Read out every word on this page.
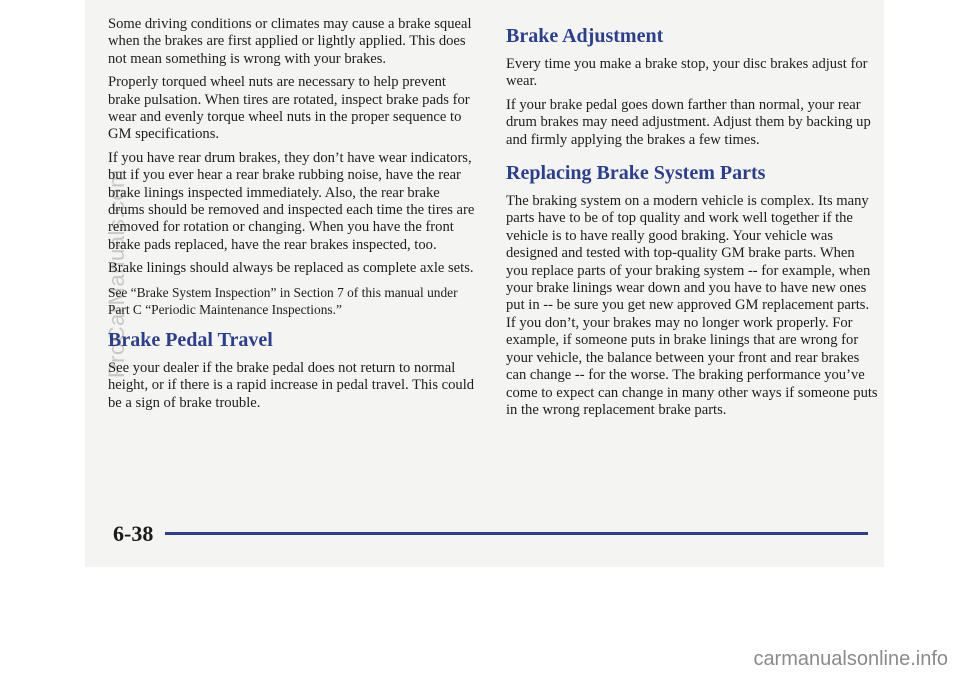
Some driving conditions or climates may cause a brake squeal when the brakes are first applied or lightly applied. This does not mean something is wrong with your brakes.

Properly torqued wheel nuts are necessary to help prevent brake pulsation. When tires are rotated, inspect brake pads for wear and evenly torque wheel nuts in the proper sequence to GM specifications.

If you have rear drum brakes, they don’t have wear indicators, but if you ever hear a rear brake rubbing noise, have the rear brake linings inspected immediately. Also, the rear brake drums should be removed and inspected each time the tires are removed for rotation or changing. When you have the front brake pads replaced, have the rear brakes inspected, too.

Brake linings should always be replaced as complete axle sets.

See “Brake System Inspection” in Section 7 of this manual under Part C “Periodic Maintenance Inspections.”

Brake Pedal Travel

See your dealer if the brake pedal does not return to normal height, or if there is a rapid increase in pedal travel. This could be a sign of brake trouble.

Brake Adjustment

Every time you make a brake stop, your disc brakes adjust for wear.

If your brake pedal goes down farther than normal, your rear drum brakes may need adjustment. Adjust them by backing up and firmly applying the brakes a few times.

Replacing Brake System Parts

The braking system on a modern vehicle is complex. Its many parts have to be of top quality and work well together if the vehicle is to have really good braking. Your vehicle was designed and tested with top-quality GM brake parts. When you replace parts of your braking system -- for example, when your brake linings wear down and you have to have new ones put in -- be sure you get new approved GM replacement parts. If you don’t, your brakes may no longer work properly. For example, if someone puts in brake linings that are wrong for your vehicle, the balance between your front and rear brakes can change -- for the worse. The braking performance you’ve come to expect can change in many other ways if someone puts in the wrong replacement brake parts.

6-38
ProCarManuals.com
carmanualsonline.info
